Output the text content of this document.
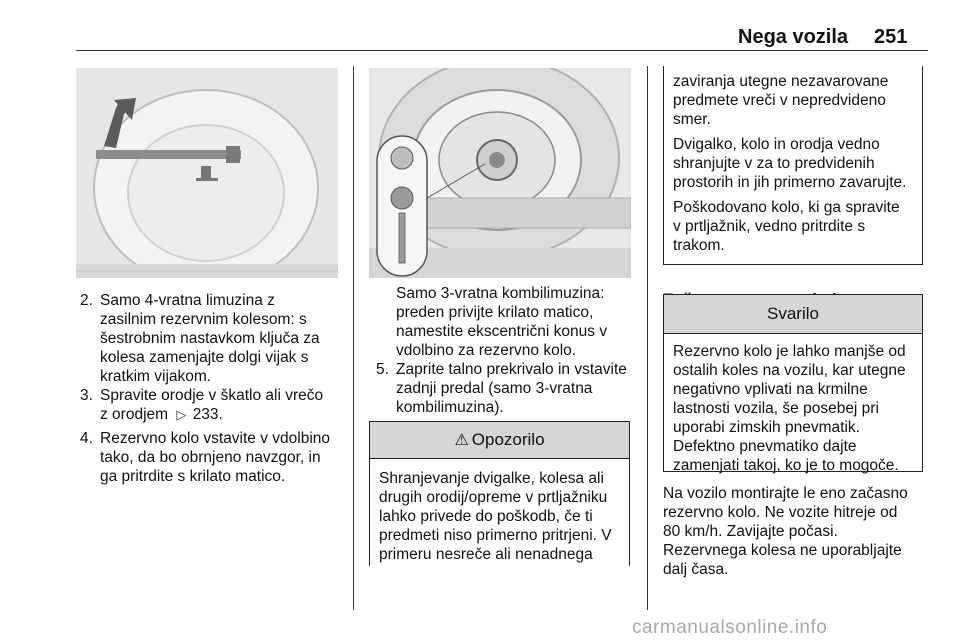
Nega vozila 251
2. Samo 4-vratna limuzina z
zasilnim rezervnim kolesom: s
šestrobnim nastavkom ključa za
kolesa zamenjajte dolgi vijak s
kratkim vijakom.
3. Spravite orodje v škatlo ali vrečo
z orodjem ▷ 233.
4. Rezervno kolo vstavite v vdolbino
tako, da bo obrnjeno navzgor, in
ga pritrdite s krilato matico.
Samo 3-vratna kombilimuzina:
preden privijte krilato matico,
namestite ekscentrični konus v
vdolbino za rezervno kolo.
5. Zaprite talno prekrivalo in vstavite
zadnji predal (samo 3-vratna
kombilimuzina).
⚠ Opozorilo
Shranjevanje dvigalke, kolesa ali
drugih orodij/opreme v prtljažniku
lahko privede do poškodb, če ti
predmeti niso primerno pritrjeni. V
primeru nesreče ali nenadnega
zaviranja utegne nezavarovane
predmete vreči v nepredvideno
smer.
Dvigalko, kolo in orodja vedno
shranjujte v za to predvidenih
prostorih in jih primerno zavarujte.
Poškodovano kolo, ki ga spravite
v prtljažnik, vedno pritrdite s
trakom.
Svarilo
Rezervno kolo je lahko manjše od
ostalih koles na vozilu, kar utegne
negativno vplivati na krmilne
lastnosti vozila, še posebej pri
uporabi zimskih pnevmatik.
Defektno pnevmatiko dajte
zamenjati takoj, ko je to mogoče.
Na vozilo montirajte le eno začasno
rezervno kolo. Ne vozite hitreje od
80 km/h. Zavijajte počasi.
Rezervnega kolesa ne uporabljajte
dalj časa.
carmanualsonline.info
